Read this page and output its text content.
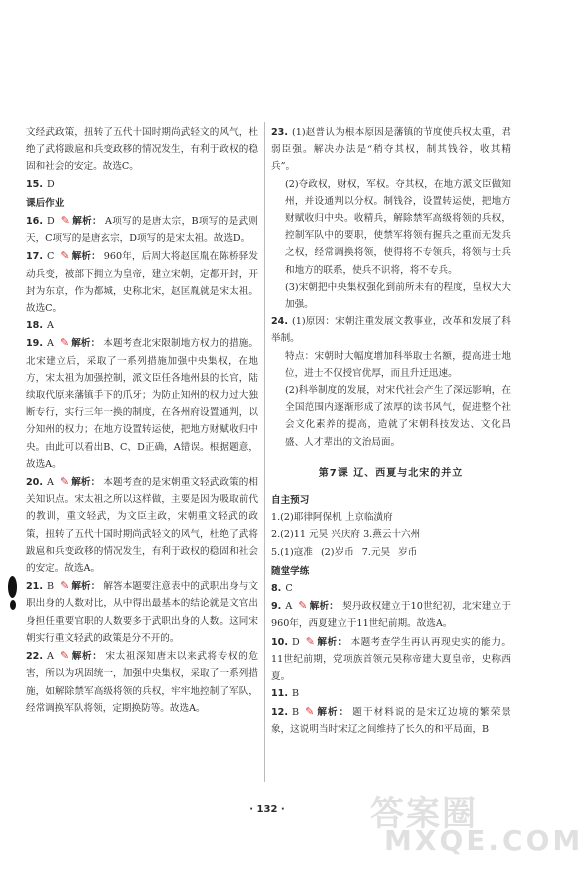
文经武政策，扭转了五代十国时期尚武轻文的风气，杜绝了武将跋扈和兵变政移的情况发生，有利于政权的稳固和社会的安定。故选C。

15. D

课后作业

16. D ✎ 解析： A项写的是唐太宗，B项写的是武则天，C项写的是唐玄宗，D项写的是宋太祖。故选D。

17. C ✎ 解析： 960年，后周大将赵匡胤在陈桥驿发动兵变，被部下拥立为皇帝，建立宋朝，定都开封，开封为东京，作为都城，史称北宋，赵匡胤就是宋太祖。故选C。

18. A

19. A ✎ 解析： 本题考查北宋限制地方权力的措施。北宋建立后，采取了一系列措施加强中央集权，在地方，宋太祖为加强控制，派文臣任各地州县的长官，陆续取代原来藩镇手下的爪牙；为防止知州的权力过大独断专行，实行三年一换的制度，在各州府设置通判，以分知州的权力；在地方设置转运使，把地方财赋收归中央。由此可以看出B、C、D正确，A错误。根据题意，故选A。

20. A ✎ 解析： 本题考查的是宋朝重文轻武政策的相关知识点。宋太祖之所以这样做，主要是因为吸取前代的教训，重文轻武，为文臣主政，宋朝重文轻武的政策，扭转了五代十国时期尚武轻文的风气，杜绝了武将跋扈和兵变政移的情况发生，有利于政权的稳固和社会的安定。故选A。

21. B ✎ 解析： 解答本题要注意表中的武职出身与文职出身的人数对比，从中得出最基本的结论就是文官出身担任重要官职的人数要多于武职出身的人数。这同宋朝实行重文轻武的政策是分不开的。

22. A ✎ 解析： 宋太祖深知唐末以来武将专权的危害，所以为巩固统一，加强中央集权，采取了一系列措施，如解除禁军高级将领的兵权，牢牢地控制了军队，经常调换军队将领，定期换防等。故选A。

23. (1)赵普认为根本原因是藩镇的节度使兵权太重，君弱臣强。解决办法是“稍夺其权，制其钱谷，收其精兵”。

(2)夺政权，财权，军权。夺其权，在地方派文臣做知州，并设通判以分权。制钱谷，设置转运使，把地方财赋收归中央。收精兵，解除禁军高级将领的兵权，控制军队中的要职，使禁军将领有握兵之重而无发兵之权，经常调换将领，使得将不专领兵，将领与士兵和地方的联系，使兵不识将，将不专兵。

(3)宋朝把中央集权强化到前所未有的程度，皇权大大加强。

24. (1)原因：宋朝注重发展文教事业，改革和发展了科举制。

特点：宋朝时大幅度增加科举取士名额，提高进士地位，进士不仅授官优厚，而且升迁迅速。

(2)科举制度的发展，对宋代社会产生了深远影响，在全国范围内逐渐形成了浓厚的读书风气，促进整个社会文化素养的提高，造就了宋朝科技发达、文化昌盛、人才辈出的文治局面。

第7课 辽、西夏与北宋的并立
自主预习

1.(2)耶律阿保机 上京临潢府

2.(2)11 元昊 兴庆府 3.燕云十六州

5.(1)寇准 (2)岁币 7.元昊 岁币

随堂学练

8. C

9. A ✎ 解析： 契丹政权建立于10世纪初，北宋建立于960年，西夏建立于11世纪前期。故选A。

10. D ✎ 解析： 本题考查学生再认再现史实的能力。11世纪前期，党项族首领元昊称帝建大夏皇帝，史称西夏。

11. B

12. B ✎ 解析： 题干材料说的是宋辽边境的繁荣景象，这说明当时宋辽之间维持了长久的和平局面，B

· 132 ·	答案圈
MXQE.COM
